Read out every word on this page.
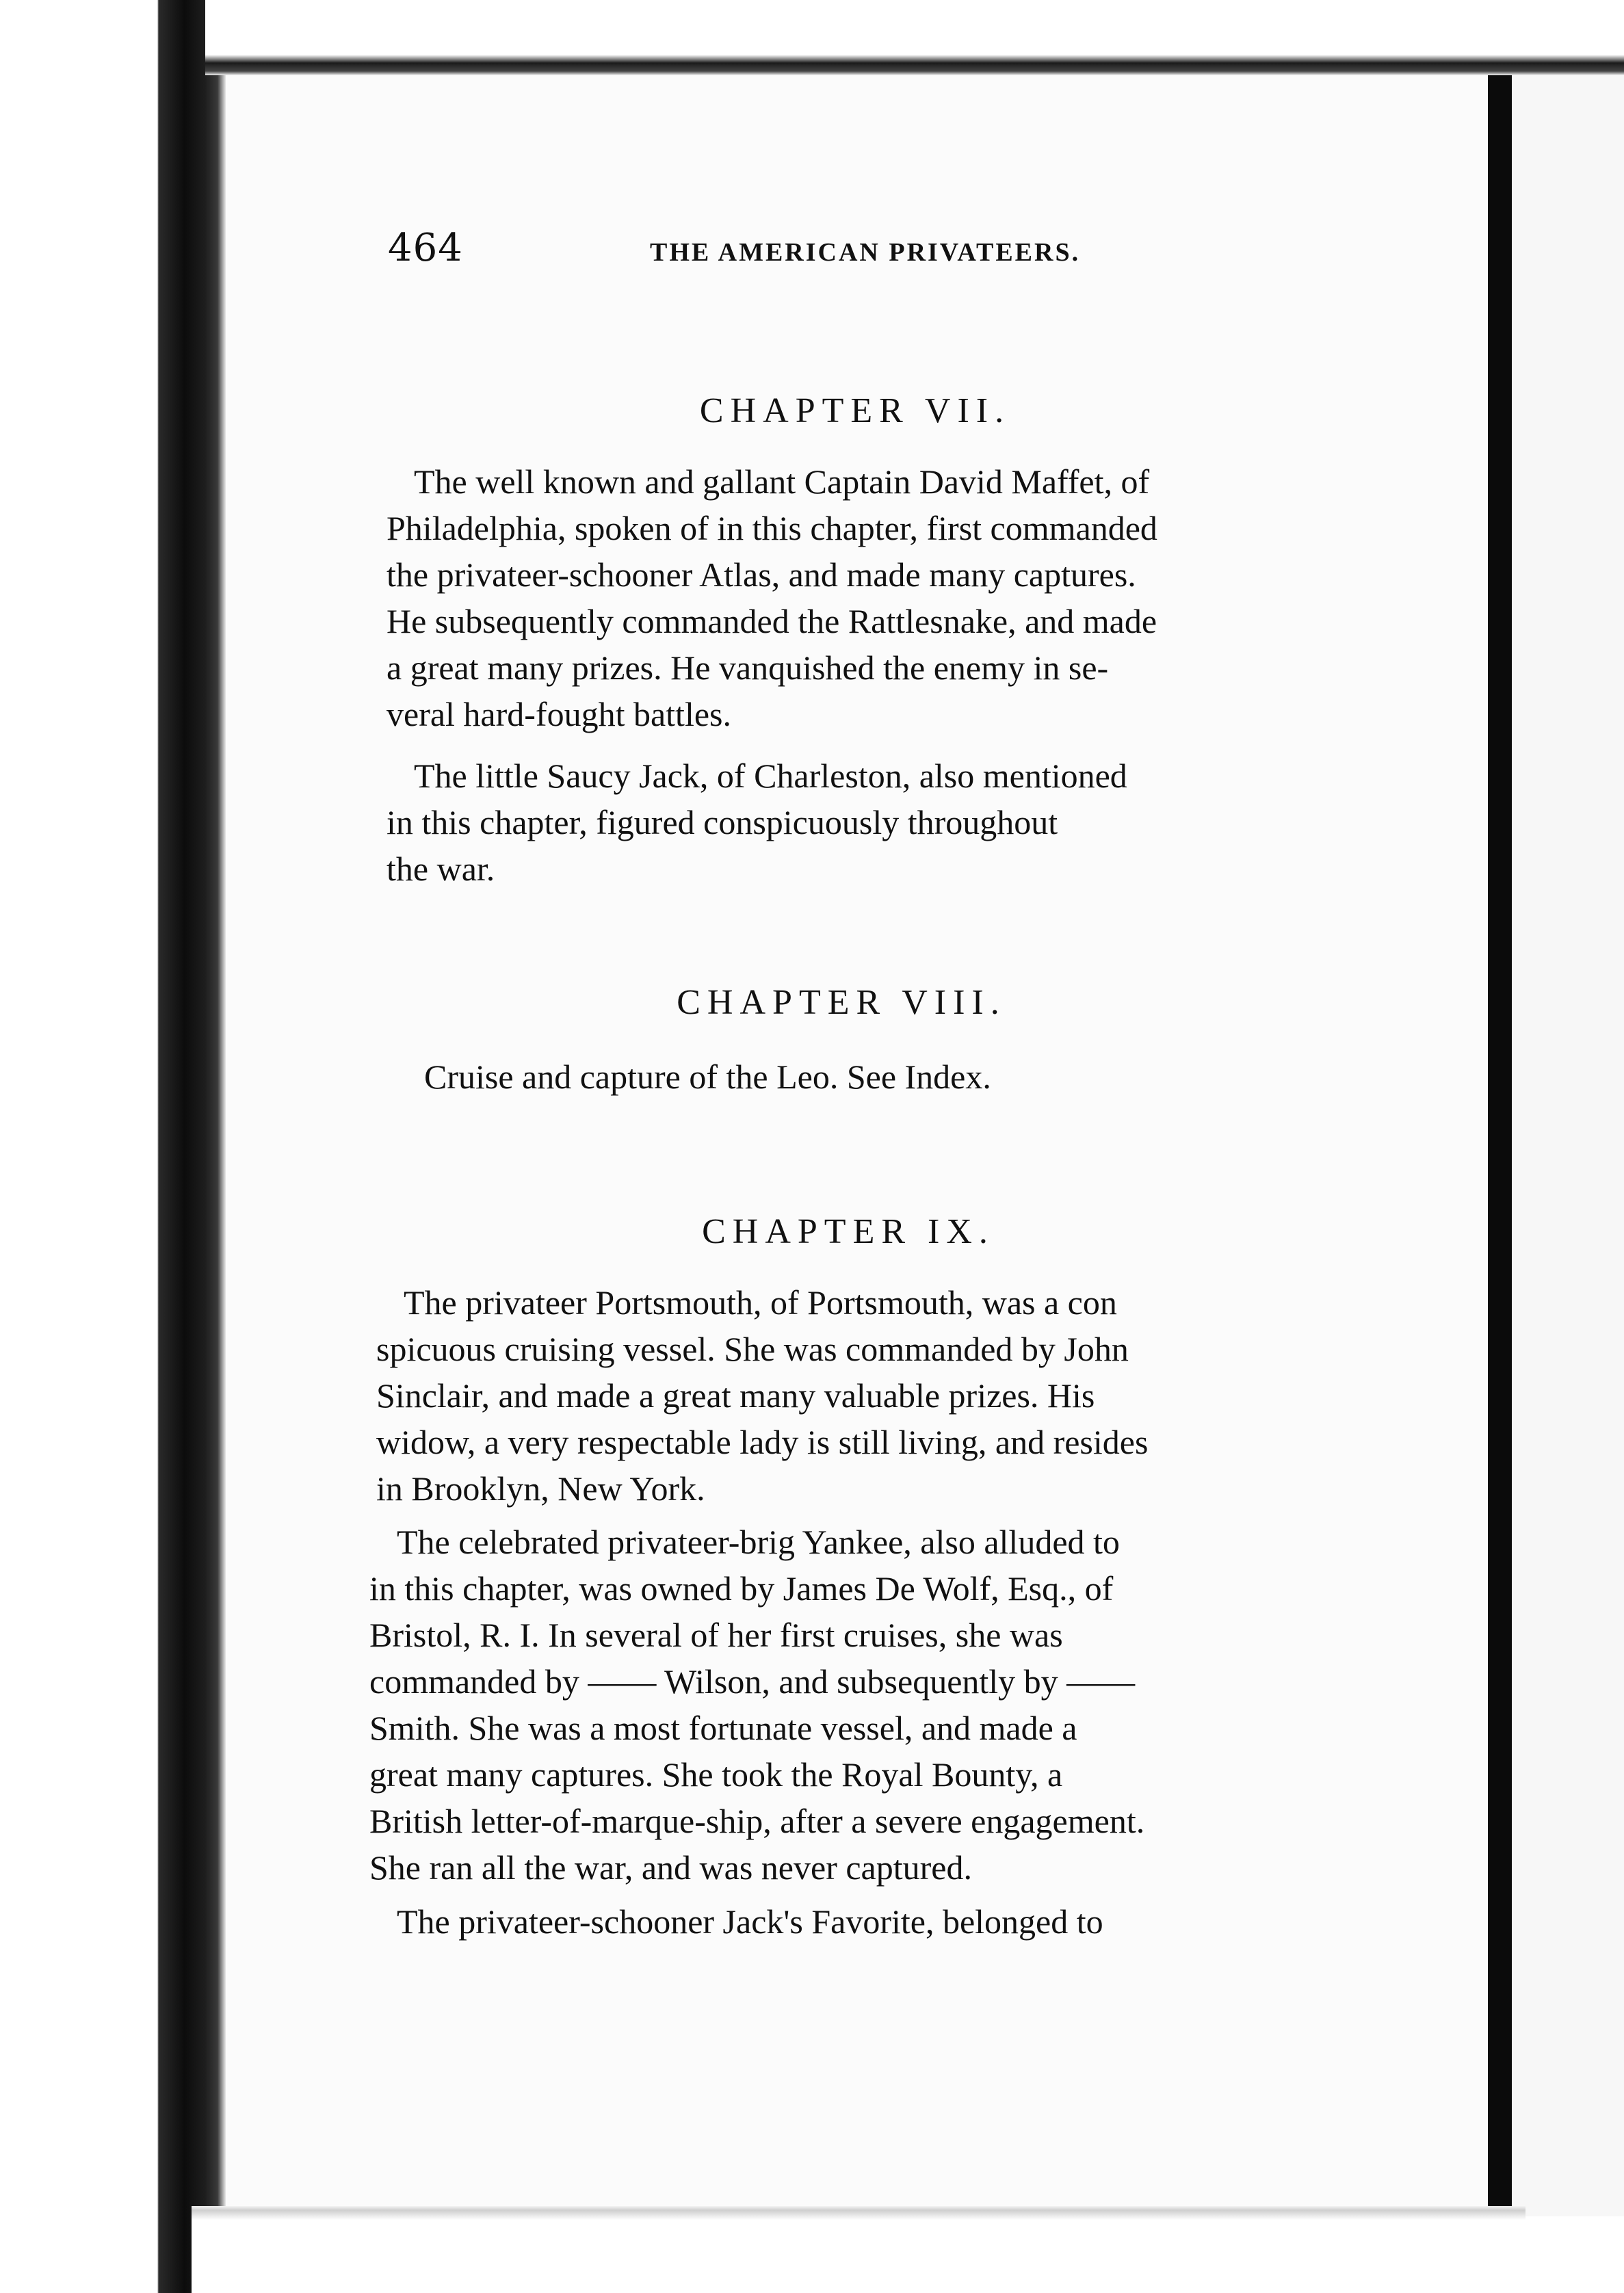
464	THE AMERICAN PRIVATEERS.
CHAPTER VII.
The well known and gallant Captain David Maffet, of
Philadelphia, spoken of in this chapter, first commanded
the privateer-schooner Atlas, and made many captures.
He subsequently commanded the Rattlesnake, and made
a great many prizes. He vanquished the enemy in se-
veral hard-fought battles.
The little Saucy Jack, of Charleston, also mentioned
in this chapter, figured conspicuously throughout
the war.
CHAPTER VIII.
Cruise and capture of the Leo. See Index.
CHAPTER IX.
The privateer Portsmouth, of Portsmouth, was a con
spicuous cruising vessel. She was commanded by John
Sinclair, and made a great many valuable prizes. His
widow, a very respectable lady is still living, and resides
in Brooklyn, New York.
The celebrated privateer-brig Yankee, also alluded to
in this chapter, was owned by James De Wolf, Esq., of
Bristol, R. I. In several of her first cruises, she was
commanded by —— Wilson, and subsequently by ——
Smith. She was a most fortunate vessel, and made a
great many captures. She took the Royal Bounty, a
British letter-of-marque-ship, after a severe engagement.
She ran all the war, and was never captured.
The privateer-schooner Jack's Favorite, belonged to
